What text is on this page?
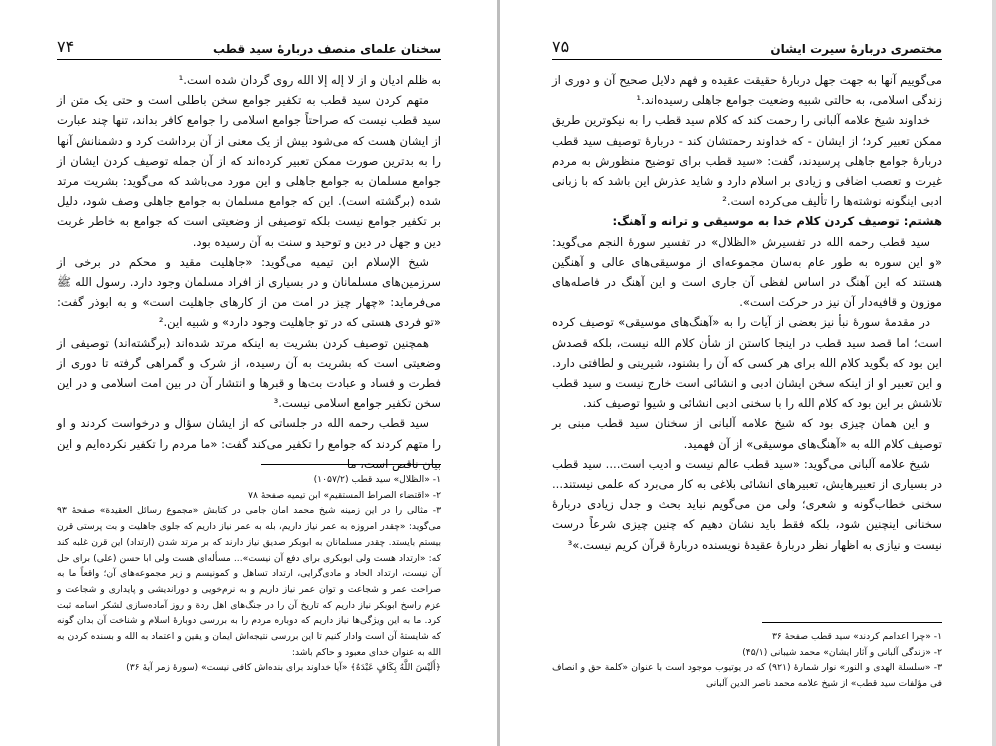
سخنان علمای منصف دربارۀ سید قطب
۷۴

به ظلم ادیان و از لا إله إلا الله روی گردان شده است.¹

متهم کردن سید قطب به تکفیر جوامع سخن باطلی است و حتی یک متن از سید قطب نیست که صراحتاً جوامع اسلامی را جوامع کافر بداند، تنها چند عبارت از ایشان هست که می‌شود بیش از یک معنی از آن برداشت کرد و دشمنانش آنها را به بدترین صورت ممکن تعبیر کرده‌اند که از آن جمله توصیف کردن ایشان از جوامع مسلمان به جوامع جاهلی و این مورد می‌باشد که می‌گوید: بشریت مرتد شده (برگشته است). این که جوامع مسلمان به جوامع جاهلی وصف شود، دلیل بر تکفیر جوامع نیست بلکه توصیفی از وضعیتی است که جوامع به خاطر غربت دین و جهل در دین و توحید و سنت به آن رسیده بود.

شیخ الإسلام ابن تیمیه می‌گوید: «جاهلیت مقید و محکم در برخی از سرزمین‌های مسلمانان و در بسیاری از افراد مسلمان وجود دارد. رسول الله ﷺ می‌فرماید: «چهار چیز در امت من از کارهای جاهلیت است» و به ابوذر گفت: «تو فردی هستی که در تو جاهلیت وجود دارد» و شبیه این.²

همچنین توصیف کردن بشریت به اینکه مرتد شده‌اند (برگشته‌اند) توصیفی از وضعیتی است که بشریت به آن رسیده، از شرک و گمراهی گرفته تا دوری از فطرت و فساد و عبادت بت‌ها و قبرها و انتشار آن در بین امت اسلامی و در این سخن تکفیر جوامع اسلامی نیست.³

سید قطب رحمه الله در جلساتی که از ایشان سؤال و درخواست کردند و او را متهم کردند که جوامع را تکفیر می‌کند گفت: «ما مردم را تکفیر نکرده‌ایم و این بیان ناقص است، ما

۱- «الظلال» سید قطب (۱۰۵۷/۲)

۲- «اقتضاء الصراط المستقیم» ابن تیمیه صفحۀ ۷۸

۳- مثالی را در این زمینه شیخ محمد امان جامی در کتابش «مجموع رسائل العقیدة» صفحۀ ۹۳ می‌گوید: «چقدر امروزه به عمر نیاز داریم، بله به عمر نیاز داریم که جلوی جاهلیت و بت پرستی قرن بیستم بایستد. چقدر مسلمانان به ابوبکر صدیق نیاز دارند که بر مرتد شدن (ارتداد) این قرن غلبه کند که: «ارتداد هست ولی ابوبکری برای دفع آن نیست»... مسأله‌ای هست ولی ابا حسن (علی) برای حل آن نیست، ارتداد الحاد و مادی‌گرایی، ارتداد تساهل و کمونیسم و زیر مجموعه‌های آن؛ واقعاً ما به صراحت عمر و شجاعت و توان عمر نیاز داریم و به نرم‌خویی و دوراندیشی و پایداری و شجاعت و عزم راسخ ابوبکر نیاز داریم که تاریخ آن را در جنگ‌های اهل ردة و روز آماده‌سازی لشکر اسامه ثبت کرد. ما به این ویژگی‌ها نیاز داریم که دوباره مردم را به بررسی دوبارۀ اسلام و شناخت آن بدان گونه که شایستۀ آن است وادار کنیم تا این بررسی نتیجه‌اش ایمان و یقین و اعتماد به الله و بسنده کردن به الله به عنوان خدای معبود و حاکم باشد:

﴿أَلَيْسَ اللَّهُ بِكَافٍ عَبْدَهُ﴾ «آیا خداوند برای بنده‌اش کافی نیست» (سورۀ زمر آیۀ ۳۶)

مختصری دربارۀ سیرت ایشان
۷۵

می‌گوییم آنها به جهت جهل دربارۀ حقیقت عقیده و فهم دلایل صحیح آن و دوری از زندگی اسلامی، به حالتی شبیه وضعیت جوامع جاهلی رسیده‌اند.¹

خداوند شیخ علامه آلبانی را رحمت کند که کلام سید قطب را به نیکوترین طریق ممکن تعبیر کرد؛ از ایشان - که خداوند رحمتشان کند - دربارۀ توصیف سید قطب دربارۀ جوامع جاهلی پرسیدند، گفت: «سید قطب برای توضیح منظورش به مردم غیرت و تعصب اضافی و زیادی بر اسلام دارد و شاید عذرش این باشد که با زبانی ادبی اینگونه نوشته‌ها را تألیف می‌کرده است.²

هشتم: توصیف کردن کلام خدا به موسیقی و ترانه و آهنگ:

سید قطب رحمه الله در تفسیرش «الظلال» در تفسیر سورۀ النجم می‌گوید: «و این سوره به طور عام به‌سان مجموعه‌ای از موسیقی‌های عالی و آهنگین هستند که این آهنگ در اساس لفظی آن جاری است و این آهنگ در فاصله‌های موزون و قافیه‌دار آن نیز در حرکت است».

در مقدمۀ سورۀ نبأ نیز بعضی از آیات را به «آهنگ‌های موسیقی» توصیف کرده است؛ اما قصد سید قطب در اینجا کاستن از شأن کلام الله نیست، بلکه قصدش این بود که بگوید کلام الله برای هر کسی که آن را بشنود، شیرینی و لطافتی دارد. و این تعبیر او از اینکه سخن ایشان ادبی و انشائی است خارج نیست و سید قطب تلاشش بر این بود که کلام الله را با سخنی ادبی انشائی و شیوا توصیف کند.

و این همان چیزی بود که شیخ علامه آلبانی از سخنان سید قطب مبنی بر توصیف کلام الله به «آهنگ‌های موسیقی» از آن فهمید.

شیخ علامه آلبانی می‌گوید: «سید قطب عالم نیست و ادیب است.... سید قطب در بسیاری از تعبیرهایش، تعبیرهای انشائی بلاغی به کار می‌برد که علمی نیستند... سخنی خطاب‌گونه و شعری؛ ولی من می‌گویم نباید بحث و جدل زیادی دربارۀ سخنانی اینچنین شود، بلکه فقط باید نشان دهیم که چنین چیزی شرعاً درست نیست و نیازی به اظهار نظر دربارۀ عقیدۀ نویسنده دربارۀ قرآن کریم نیست.»³

۱- «چرا اعدامم کردند» سید قطب صفحۀ ۳۶

۲- «زندگی آلبانی و آثار ایشان» محمد شیبانی (۴۵/۱)

۳- «سلسلة الهدی و النور» نوار شمارۀ (۹۲۱) که در یوتیوب موجود است با عنوان «کلمة حق و انصاف فی مؤلفات سید قطب» از شیخ علامه محمد ناصر الدین آلبانی
